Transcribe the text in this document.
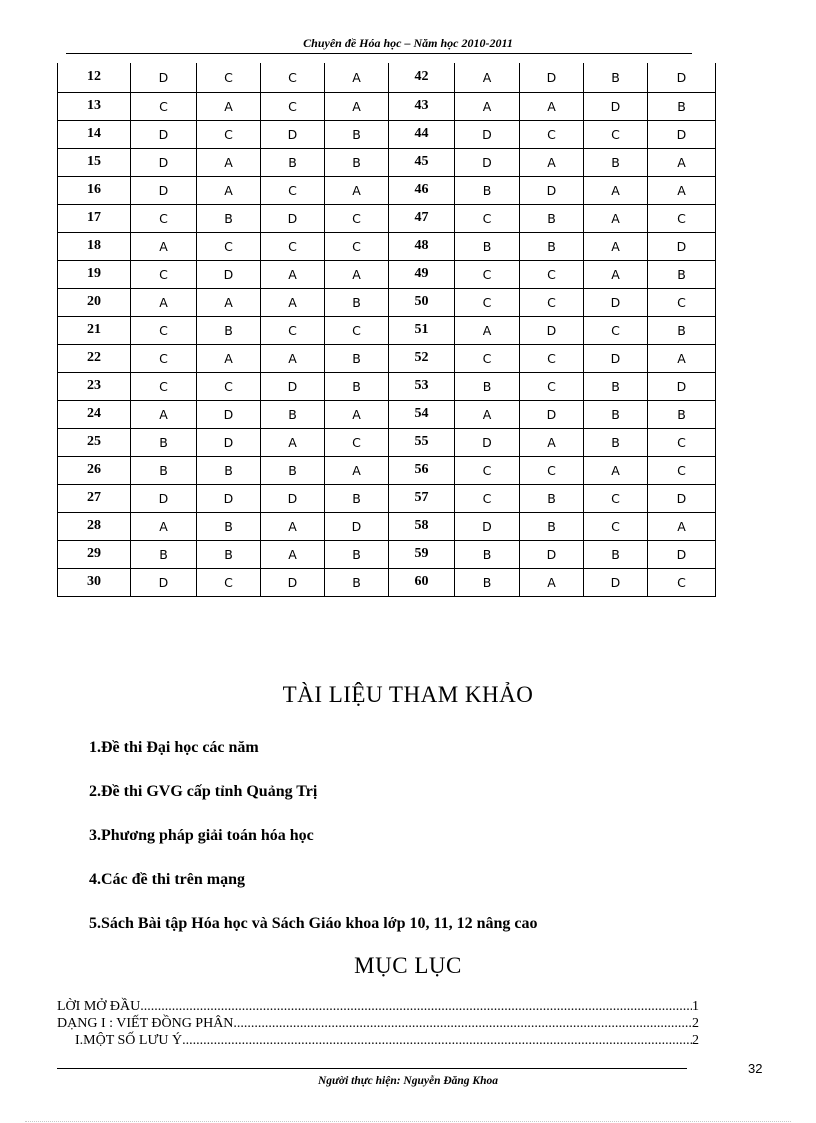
Chuyên đề Hóa học – Năm học 2010-2011
12	D	C	C	A	42	A	D	B	D
13	C	A	C	A	43	A	A	D	B
14	D	C	D	B	44	D	C	C	D
15	D	A	B	B	45	D	A	B	A
16	D	A	C	A	46	B	D	A	A
17	C	B	D	C	47	C	B	A	C
18	A	C	C	C	48	B	B	A	D
19	C	D	A	A	49	C	C	A	B
20	A	A	A	B	50	C	C	D	C
21	C	B	C	C	51	A	D	C	B
22	C	A	A	B	52	C	C	D	A
23	C	C	D	B	53	B	C	B	D
24	A	D	B	A	54	A	D	B	B
25	B	D	A	C	55	D	A	B	C
26	B	B	B	A	56	C	C	A	C
27	D	D	D	B	57	C	B	C	D
28	A	B	A	D	58	D	B	C	A
29	B	B	A	B	59	B	D	B	D
30	D	C	D	B	60	B	A	D	C
TÀI LIỆU THAM KHẢO
1.Đề thi Đại học các năm
2.Đề thi GVG cấp tỉnh Quảng Trị
3.Phương pháp giải toán hóa học
4.Các đề thi trên mạng
5.Sách Bài tập Hóa học và Sách Giáo khoa lớp 10, 11, 12 nâng cao
MỤC LỤC
LỜI MỞ ĐẦU .....	1
DẠNG I : VIẾT ĐỒNG PHÂN .....	2
I.MỘT SỐ LƯU Ý .....	2
32
Người thực hiện: Nguyễn Đăng Khoa
